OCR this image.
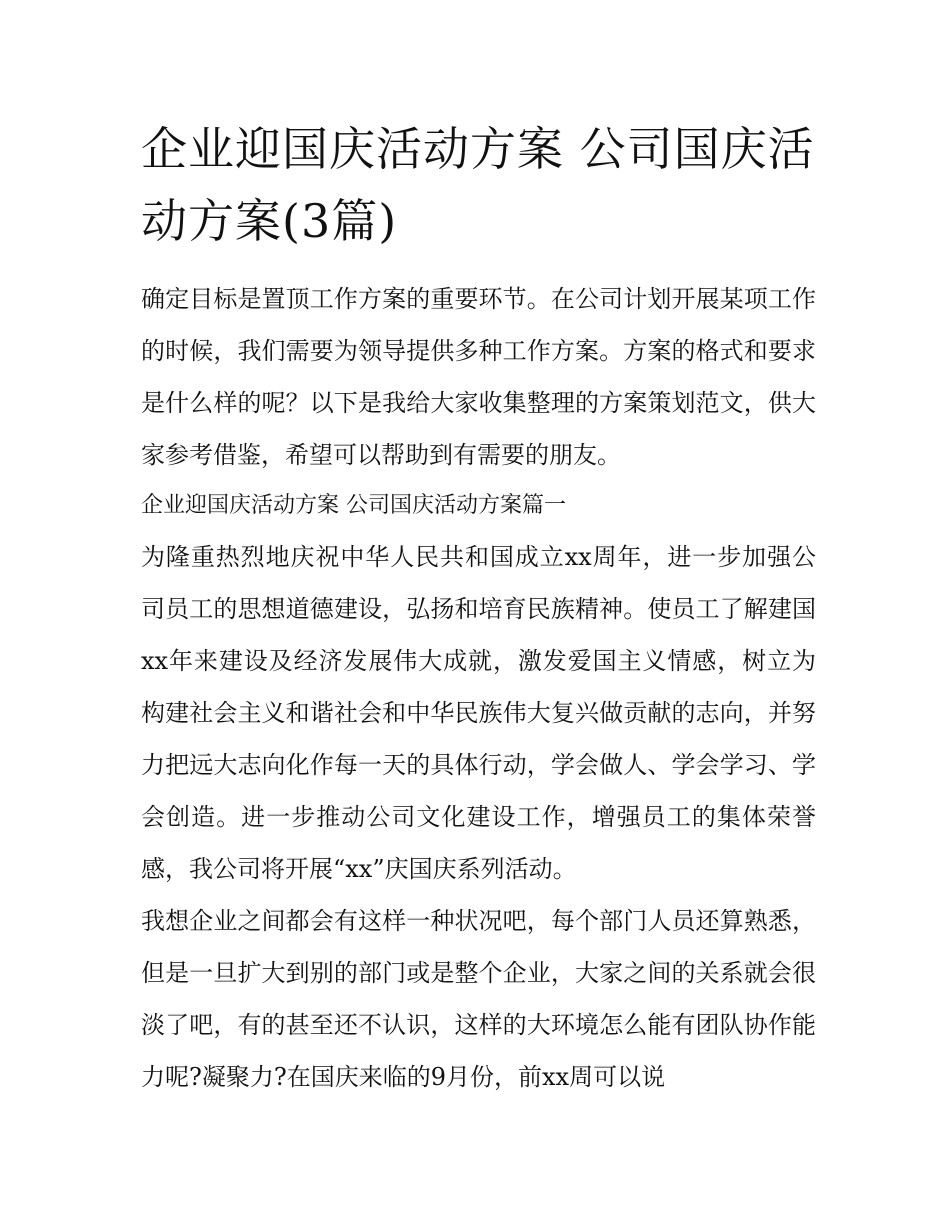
企业迎国庆活动方案 公司国庆活动方案(3篇)

确定目标是置顶工作方案的重要环节。在公司计划开展某项工作的时候，我们需要为领导提供多种工作方案。方案的格式和要求是什么样的呢？以下是我给大家收集整理的方案策划范文，供大家参考借鉴，希望可以帮助到有需要的朋友。

企业迎国庆活动方案 公司国庆活动方案篇一

为隆重热烈地庆祝中华人民共和国成立xx周年，进一步加强公司员工的思想道德建设，弘扬和培育民族精神。使员工了解建国xx年来建设及经济发展伟大成就，激发爱国主义情感，树立为构建社会主义和谐社会和中华民族伟大复兴做贡献的志向，并努力把远大志向化作每一天的具体行动，学会做人、学会学习、学会创造。进一步推动公司文化建设工作，增强员工的集体荣誉感，我公司将开展“xx”庆国庆系列活动。

我想企业之间都会有这样一种状况吧，每个部门人员还算熟悉，但是一旦扩大到别的部门或是整个企业，大家之间的关系就会很淡了吧，有的甚至还不认识，这样的大环境怎么能有团队协作能力呢?凝聚力?在国庆来临的9月份，前xx周可以说
